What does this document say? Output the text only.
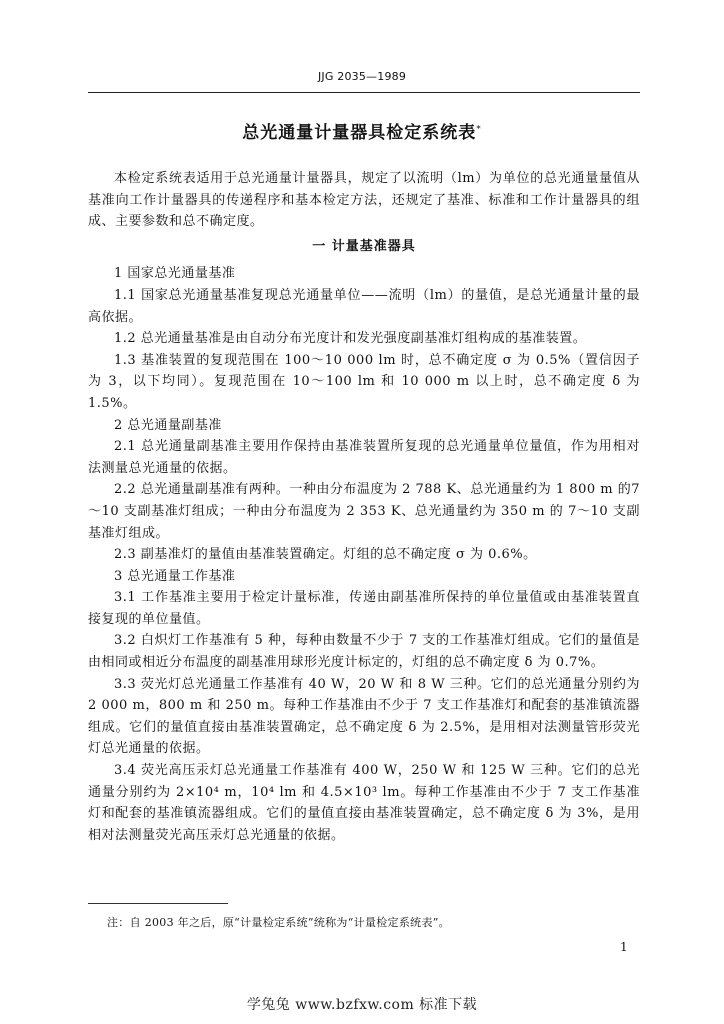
JJG 2035—1989
总光通量计量器具检定系统表*

本检定系统表适用于总光通量计量器具，规定了以流明（lm）为单位的总光通量量值从基准向工作计量器具的传递程序和基本检定方法，还规定了基准、标准和工作计量器具的组成、主要参数和总不确定度。

一 计量基准器具

1 国家总光通量基准

1.1 国家总光通量基准复现总光通量单位——流明（lm）的量值，是总光通量计量的最高依据。

1.2 总光通量基准是由自动分布光度计和发光强度副基准灯组构成的基准装置。

1.3 基准装置的复现范围在 100～10 000 lm 时，总不确定度 σ 为 0.5%（置信因子为 3，以下均同）。复现范围在 10～100 lm 和 10 000 m 以上时，总不确定度 δ 为 1.5%。

2 总光通量副基准

2.1 总光通量副基准主要用作保持由基准装置所复现的总光通量单位量值，作为用相对法测量总光通量的依据。

2.2 总光通量副基准有两种。一种由分布温度为 2 788 K、总光通量约为 1 800 m 的7～10 支副基准灯组成；一种由分布温度为 2 353 K、总光通量约为 350 m 的 7～10 支副基准灯组成。

2.3 副基准灯的量值由基准装置确定。灯组的总不确定度 σ 为 0.6%。

3 总光通量工作基准

3.1 工作基准主要用于检定计量标准，传递由副基准所保持的单位量值或由基准装置直接复现的单位量值。

3.2 白炽灯工作基准有 5 种，每种由数量不少于 7 支的工作基准灯组成。它们的量值是由相同或相近分布温度的副基准用球形光度计标定的，灯组的总不确定度 δ 为 0.7%。

3.3 荧光灯总光通量工作基准有 40 W，20 W 和 8 W 三种。它们的总光通量分别约为 2 000 m，800 m 和 250 m。每种工作基准由不少于 7 支工作基准灯和配套的基准镇流器组成。它们的量值直接由基准装置确定，总不确定度 δ 为 2.5%，是用相对法测量管形荧光灯总光通量的依据。

3.4 荧光高压汞灯总光通量工作基准有 400 W，250 W 和 125 W 三种。它们的总光通量分别约为 2×10⁴ m，10⁴ lm 和 4.5×10³ lm。每种工作基准由不少于 7 支工作基准灯和配套的基准镇流器组成。它们的量值直接由基准装置确定，总不确定度 δ 为 3%，是用相对法测量荧光高压汞灯总光通量的依据。

注：自 2003 年之后，原“计量检定系统”统称为“计量检定系统表”。
1
学兔兔 www.bzfxw.com 标准下载
